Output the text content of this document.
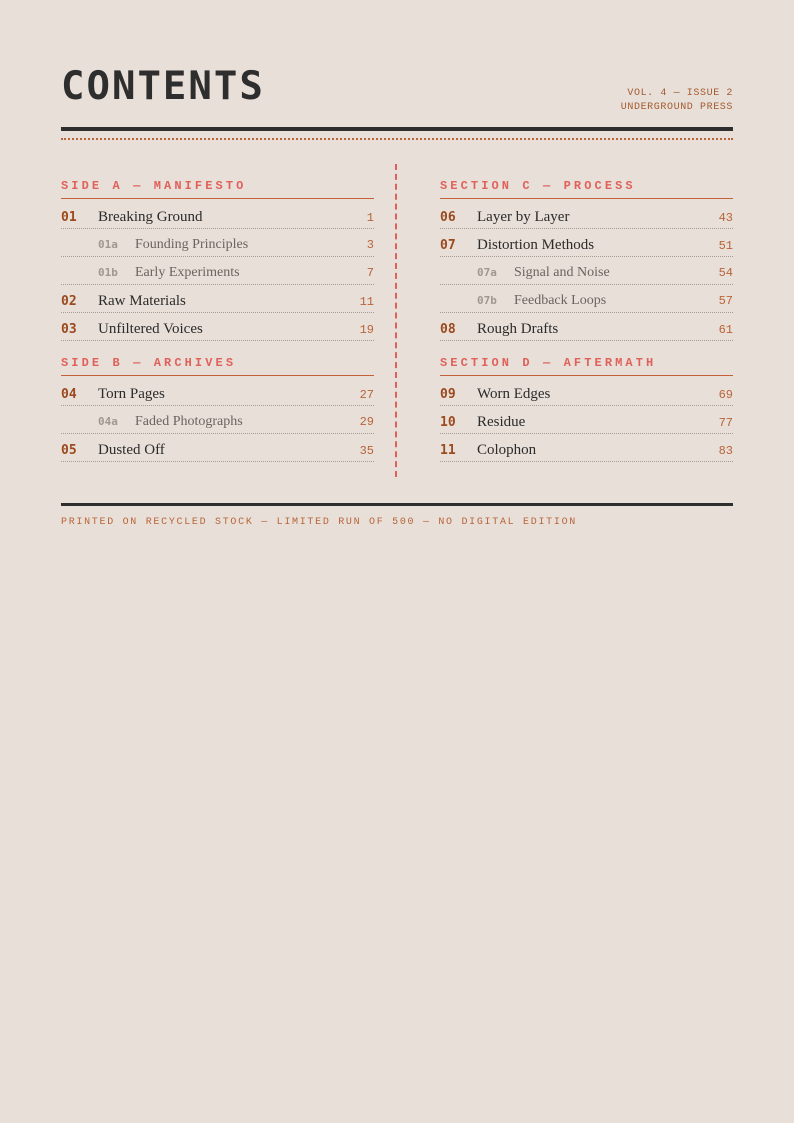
CONTENTS	VOL. 4 — ISSUE 2
UNDERGROUND PRESS
SIDE A — MANIFESTO
01	Breaking Ground	1
01a	Founding Principles	3
01b	Early Experiments	7
02	Raw Materials	11
03	Unfiltered Voices	19
SIDE B — ARCHIVES
04	Torn Pages	27
04a	Faded Photographs	29
05	Dusted Off	35
SECTION C — PROCESS
06	Layer by Layer	43
07	Distortion Methods	51
07a	Signal and Noise	54
07b	Feedback Loops	57
08	Rough Drafts	61
SECTION D — AFTERMATH
09	Worn Edges	69
10	Residue	77
11	Colophon	83
PRINTED ON RECYCLED STOCK — LIMITED RUN OF 500 — NO DIGITAL EDITION
